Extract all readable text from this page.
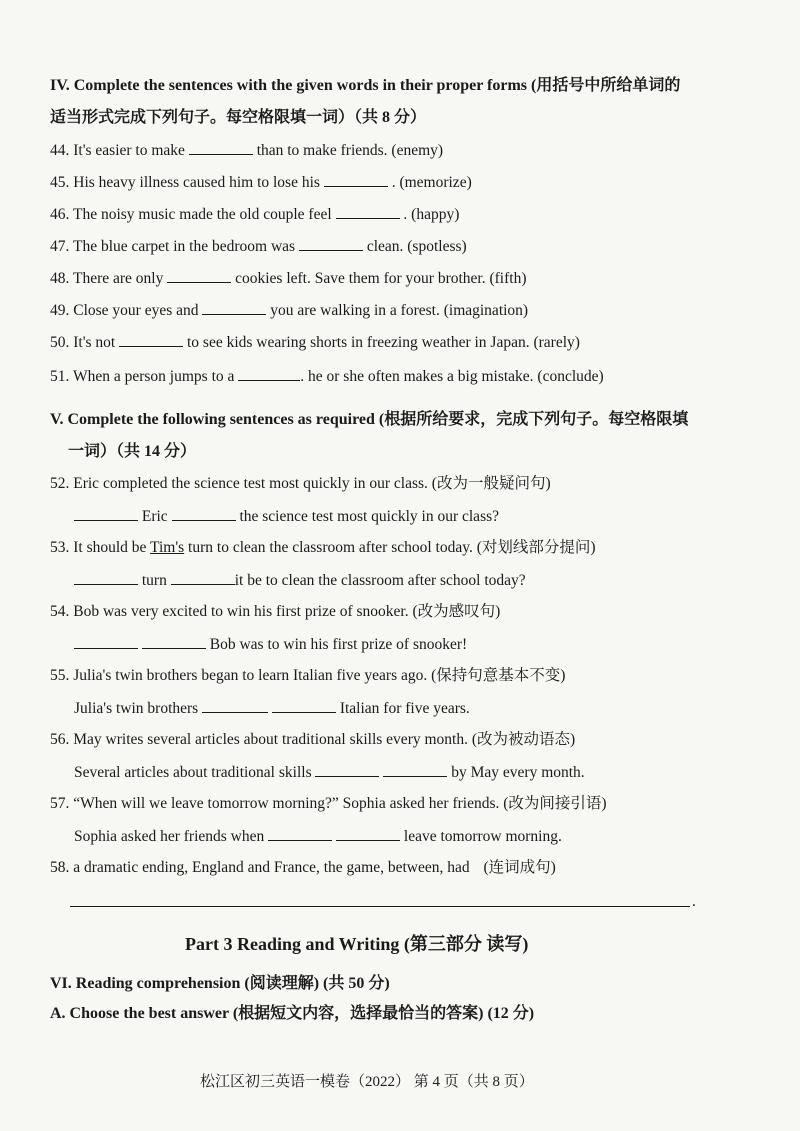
IV. Complete the sentences with the given words in their proper forms (用括号中所给单词的
适当形式完成下列句子。每空格限填一词）（共 8 分）
44. It's easier to make	than to make friends. (enemy)
45. His heavy illness caused him to lose his	. (memorize)
46. The noisy music made the old couple feel	. (happy)
47. The blue carpet in the bedroom was	clean. (spotless)
48. There are only	cookies left. Save them for your brother. (fifth)
49. Close your eyes and	you are walking in a forest. (imagination)
50. It's not	to see kids wearing shorts in freezing weather in Japan. (rarely)
51. When a person jumps to a	. he or she often makes a big mistake. (conclude)
V. Complete the following sentences as required (根据所给要求，完成下列句子。每空格限填
一词）（共 14 分）
52. Eric completed the science test most quickly in our class. (改为一般疑问句)
Eric	the science test most quickly in our class?
53. It should be Tim's turn to clean the classroom after school today. (对划线部分提问)
turn	it be to clean the classroom after school today?
54. Bob was very excited to win his first prize of snooker. (改为感叹句)
Bob was to win his first prize of snooker!
55. Julia's twin brothers began to learn Italian five years ago. (保持句意基本不变)
Julia's twin brothers	Italian for five years.
56. May writes several articles about traditional skills every month. (改为被动语态)
Several articles about traditional skills	by May every month.
57. “When will we leave tomorrow morning?” Sophia asked her friends. (改为间接引语)
Sophia asked her friends when	leave tomorrow morning.
58. a dramatic ending, England and France, the game, between, had (连词成句)
.
Part 3 Reading and Writing (第三部分 读写)
VI. Reading comprehension (阅读理解) (共 50 分)
A. Choose the best answer (根据短文内容，选择最恰当的答案) (12 分)
松江区初三英语一模卷（2022） 第 4 页（共 8 页）
